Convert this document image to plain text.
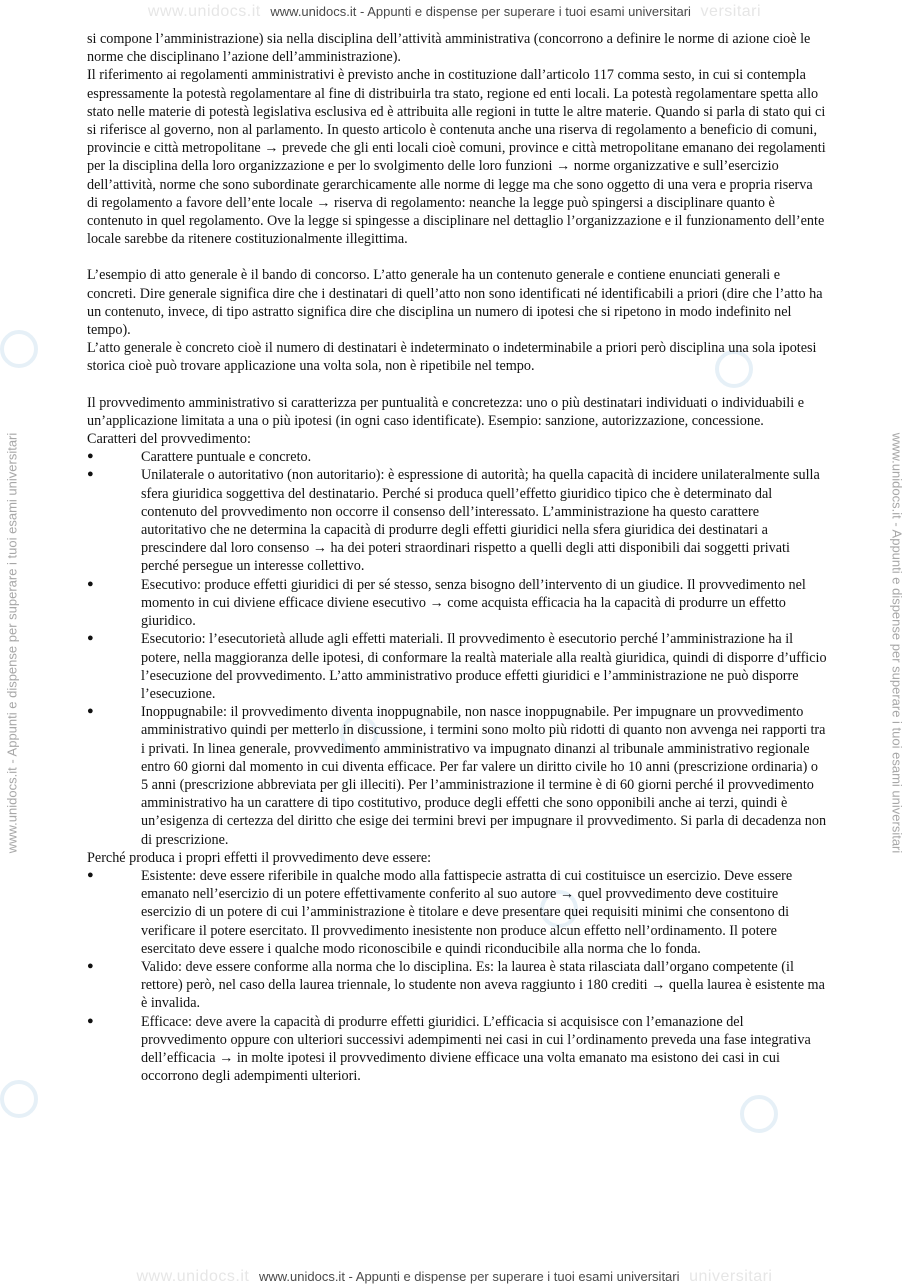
www.unidocs.it www.unidocs.it - Appunti e dispense per superare i tuoi esami universitari versitari
www.unidocs.it - Appunti e dispense per superare i tuoi esami universitari	www.unidocs.it - Appunti e dispense per superare i tuoi esami universitari

si compone l’amministrazione) sia nella disciplina dell’attività amministrativa (concorrono a definire le norme di azione cioè le norme che disciplinano l’azione dell’amministrazione).

Il riferimento ai regolamenti amministrativi è previsto anche in costituzione dall’articolo 117 comma sesto, in cui si contempla espressamente la potestà regolamentare al fine di distribuirla tra stato, regione ed enti locali. La potestà regolamentare spetta allo stato nelle materie di potestà legislativa esclusiva ed è attribuita alle regioni in tutte le altre materie. Quando si parla di stato qui ci si riferisce al governo, non al parlamento. In questo articolo è contenuta anche una riserva di regolamento a beneficio di comuni, provincie e città metropolitane → prevede che gli enti locali cioè comuni, province e città metropolitane emanano dei regolamenti per la disciplina della loro organizzazione e per lo svolgimento delle loro funzioni → norme organizzative e sull’esercizio dell’attività, norme che sono subordinate gerarchicamente alle norme di legge ma che sono oggetto di una vera e propria riserva di regolamento a favore dell’ente locale → riserva di regolamento: neanche la legge può spingersi a disciplinare quanto è contenuto in quel regolamento. Ove la legge si spingesse a disciplinare nel dettaglio l’organizzazione e il funzionamento dell’ente locale sarebbe da ritenere costituzionalmente illegittima.

L’esempio di atto generale è il bando di concorso. L’atto generale ha un contenuto generale e contiene enunciati generali e concreti. Dire generale significa dire che i destinatari di quell’atto non sono identificati né identificabili a priori (dire che l’atto ha un contenuto, invece, di tipo astratto significa dire che disciplina un numero di ipotesi che si ripetono in modo indefinito nel tempo).

L’atto generale è concreto cioè il numero di destinatari è indeterminato o indeterminabile a priori però disciplina una sola ipotesi storica cioè può trovare applicazione una volta sola, non è ripetibile nel tempo.

Il provvedimento amministrativo si caratterizza per puntualità e concretezza: uno o più destinatari individuati o individuabili e un’applicazione limitata a una o più ipotesi (in ogni caso identificate). Esempio: sanzione, autorizzazione, concessione.

Caratteri del provvedimento:

●	Carattere puntuale e concreto.
●	Unilaterale o autoritativo (non autoritario): è espressione di autorità; ha quella capacità di incidere unilateralmente sulla sfera giuridica soggettiva del destinatario. Perché si produca quell’effetto giuridico tipico che è determinato dal contenuto del provvedimento non occorre il consenso dell’interessato. L’amministrazione ha questo carattere autoritativo che ne determina la capacità di produrre degli effetti giuridici nella sfera giuridica dei destinatari a prescindere dal loro consenso → ha dei poteri straordinari rispetto a quelli degli atti disponibili dai soggetti privati perché persegue un interesse collettivo.
●	Esecutivo: produce effetti giuridici di per sé stesso, senza bisogno dell’intervento di un giudice. Il provvedimento nel momento in cui diviene efficace diviene esecutivo → come acquista efficacia ha la capacità di produrre un effetto giuridico.
●	Esecutorio: l’esecutorietà allude agli effetti materiali. Il provvedimento è esecutorio perché l’amministrazione ha il potere, nella maggioranza delle ipotesi, di conformare la realtà materiale alla realtà giuridica, quindi di disporre d’ufficio l’esecuzione del provvedimento. L’atto amministrativo produce effetti giuridici e l’amministrazione ne può disporre l’esecuzione.
●	Inoppugnabile: il provvedimento diventa inoppugnabile, non nasce inoppugnabile. Per impugnare un provvedimento amministrativo quindi per metterlo in discussione, i termini sono molto più ridotti di quanto non avvenga nei rapporti tra i privati. In linea generale, provvedimento amministrativo va impugnato dinanzi al tribunale amministrativo regionale entro 60 giorni dal momento in cui diventa efficace. Per far valere un diritto civile ho 10 anni (prescrizione ordinaria) o 5 anni (prescrizione abbreviata per gli illeciti). Per l’amministrazione il termine è di 60 giorni perché il provvedimento amministrativo ha un carattere di tipo costitutivo, produce degli effetti che sono opponibili anche ai terzi, quindi è un’esigenza di certezza del diritto che esige dei termini brevi per impugnare il provvedimento. Si parla di decadenza non di prescrizione.

Perché produca i propri effetti il provvedimento deve essere:

●	Esistente: deve essere riferibile in qualche modo alla fattispecie astratta di cui costituisce un esercizio. Deve essere emanato nell’esercizio di un potere effettivamente conferito al suo autore → quel provvedimento deve costituire esercizio di un potere di cui l’amministrazione è titolare e deve presentare quei requisiti minimi che consentono di verificare il potere esercitato. Il provvedimento inesistente non produce alcun effetto nell’ordinamento. Il potere esercitato deve essere i qualche modo riconoscibile e quindi riconducibile alla norma che lo fonda.
●	Valido: deve essere conforme alla norma che lo disciplina. Es: la laurea è stata rilasciata dall’organo competente (il rettore) però, nel caso della laurea triennale, lo studente non aveva raggiunto i 180 crediti → quella laurea è esistente ma è invalida.
●	Efficace: deve avere la capacità di produrre effetti giuridici. L’efficacia si acquisisce con l’emanazione del provvedimento oppure con ulteriori successivi adempimenti nei casi in cui l’ordinamento preveda una fase integrativa dell’efficacia → in molte ipotesi il provvedimento diviene efficace una volta emanato ma esistono dei casi in cui occorrono degli adempimenti ulteriori.
www.unidocs.it www.unidocs.it - Appunti e dispense per superare i tuoi esami universitari universitari
